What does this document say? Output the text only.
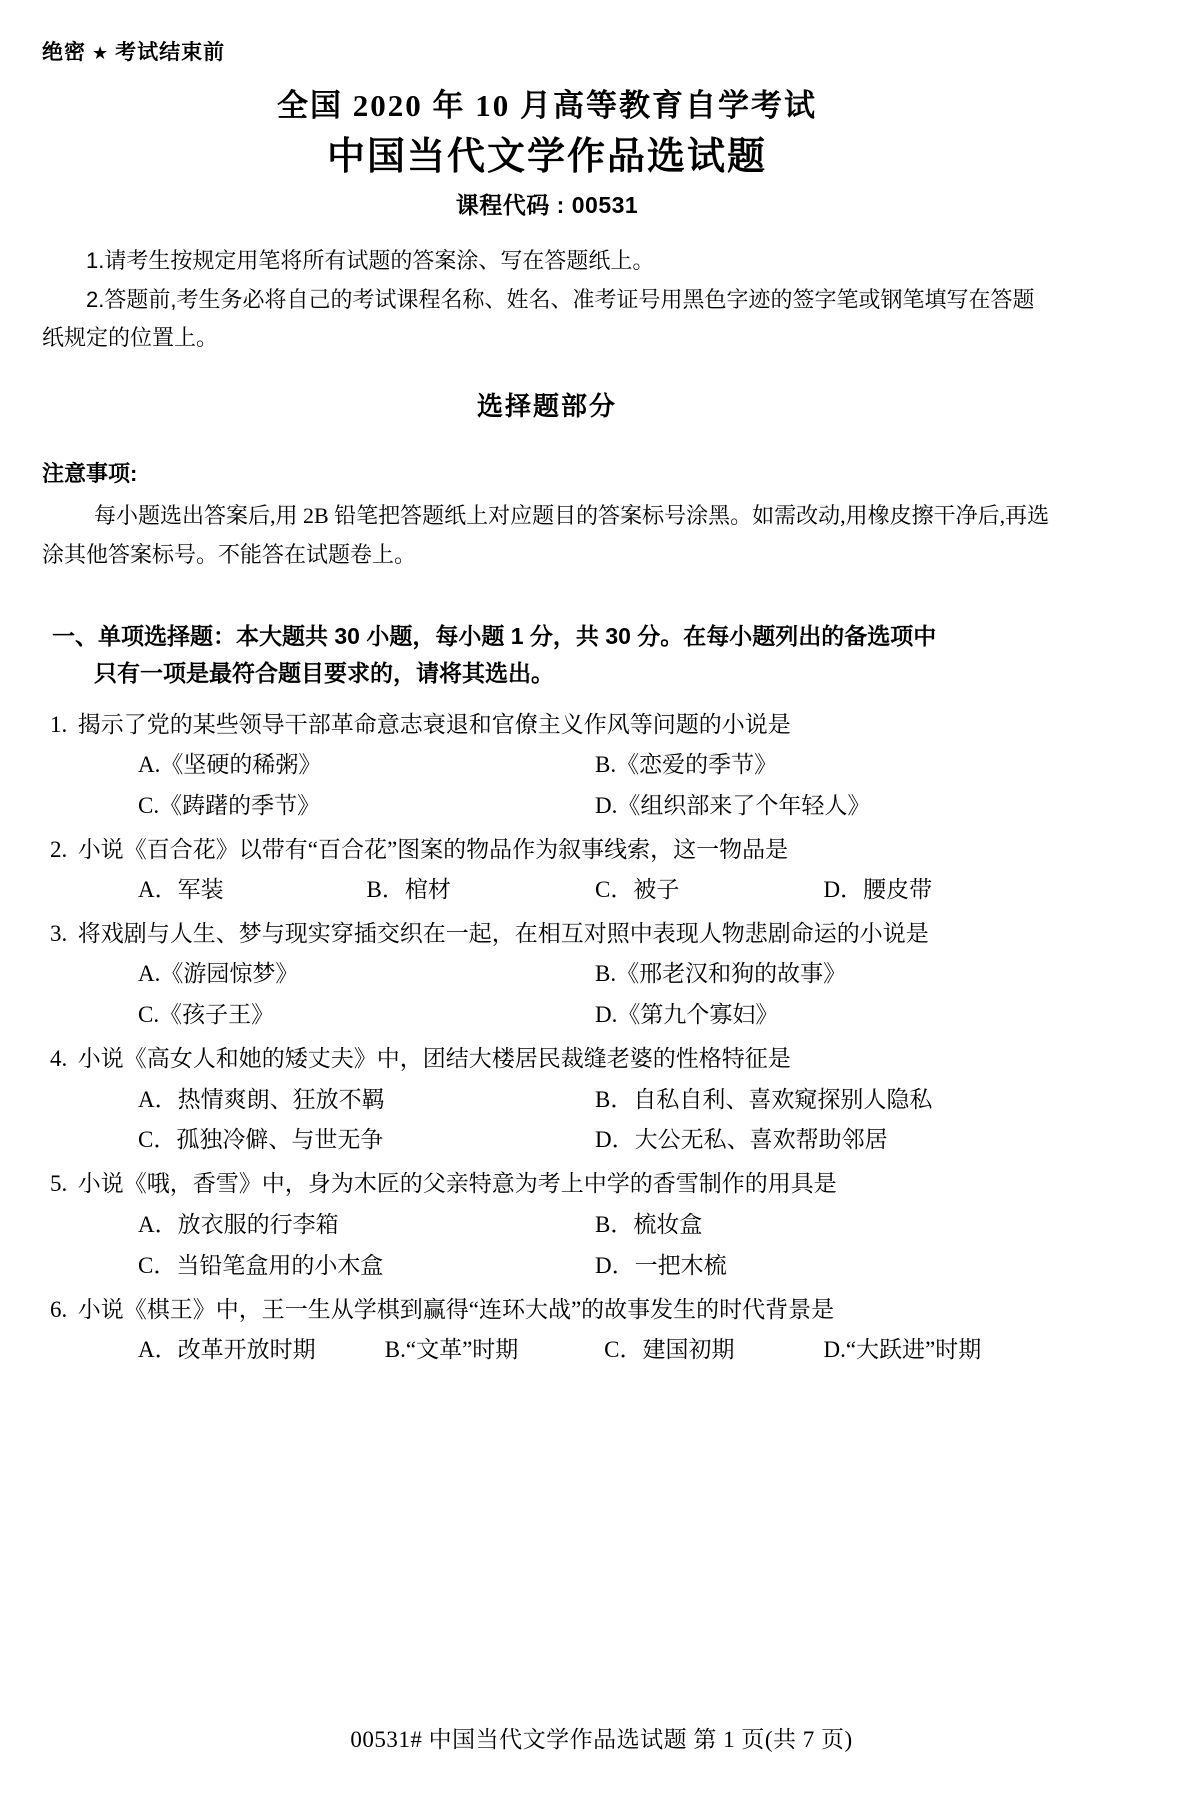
绝密 ★ 考试结束前
全国 2020 年 10 月高等教育自学考试
中国当代文学作品选试题
课程代码 : 00531
1.请考生按规定用笔将所有试题的答案涂、写在答题纸上。
2.答题前,考生务必将自己的考试课程名称、姓名、准考证号用黑色字迹的签字笔或钢笔填写在答题纸规定的位置上。
选择题部分
注意事项:
每小题选出答案后,用 2B 铅笔把答题纸上对应题目的答案标号涂黑。如需改动,用橡皮擦干净后,再选涂其他答案标号。不能答在试题卷上。
一、单项选择题：本大题共 30 小题，每小题 1 分，共 30 分。在每小题列出的备选项中
只有一项是最符合题目要求的，请将其选出。
1. 揭示了党的某些领导干部革命意志衰退和官僚主义作风等问题的小说是
A.《坚硬的稀粥》	B.《恋爱的季节》
C.《踌躇的季节》	D.《组织部来了个年轻人》
2. 小说《百合花》以带有“百合花”图案的物品作为叙事线索，这一物品是
A．军装	B．棺材	C．被子	D．腰皮带
3. 将戏剧与人生、梦与现实穿插交织在一起，在相互对照中表现人物悲剧命运的小说是
A.《游园惊梦》	B.《邢老汉和狗的故事》
C.《孩子王》	D.《第九个寡妇》
4. 小说《高女人和她的矮丈夫》中，团结大楼居民裁缝老婆的性格特征是
A．热情爽朗、狂放不羁	B．自私自利、喜欢窥探别人隐私
C．孤独冷僻、与世无争	D．大公无私、喜欢帮助邻居
5. 小说《哦，香雪》中，身为木匠的父亲特意为考上中学的香雪制作的用具是
A．放衣服的行李箱	B．梳妆盒
C．当铅笔盒用的小木盒	D．一把木梳
6. 小说《棋王》中，王一生从学棋到赢得“连环大战”的故事发生的时代背景是
A．改革开放时期	B.“文革”时期	C．建国初期	D.“大跃进”时期
00531# 中国当代文学作品选试题 第 1 页(共 7 页)
